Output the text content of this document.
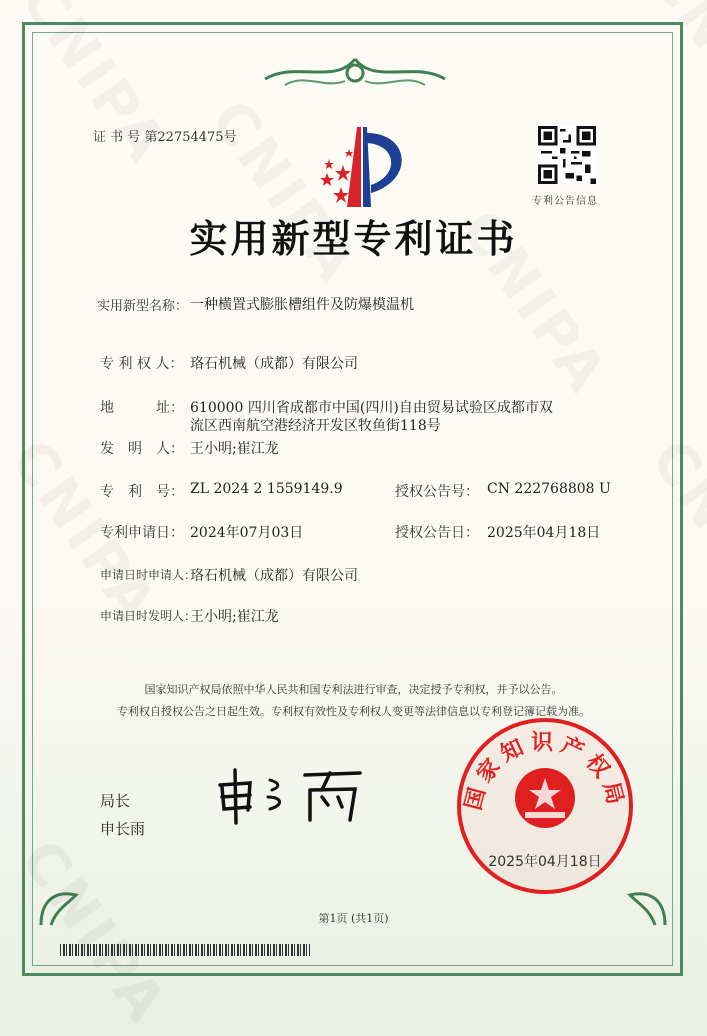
证 书 号 第22754475号
专利公告信息
实用新型专利证书
实用新型名称： 一种横置式膨胀槽组件及防爆模温机
专 利 权 人： 珞石机械（成都）有限公司
地　　　址： 610000 四川省成都市中国(四川)自由贸易试验区成都市双
流区西南航空港经济开发区牧鱼街118号
发　明　人： 王小明;崔江龙
专　利　号： ZL 2024 2 1559149.9	授权公告号： CN 222768808 U
专利申请日： 2024年07月03日	授权公告日： 2025年04月18日
申请日时申请人：
珞石机械（成都）有限公司
申请日时发明人：
王小明;崔江龙
国家知识产权局依照中华人民共和国专利法进行审查，决定授予专利权，并予以公告。
专利权自授权公告之日起生效。专利权有效性及专利权人变更等法律信息以专利登记簿记载为准。
局长
申长雨
国家知识产权局
2025年04月18日
第1页 (共1页)
